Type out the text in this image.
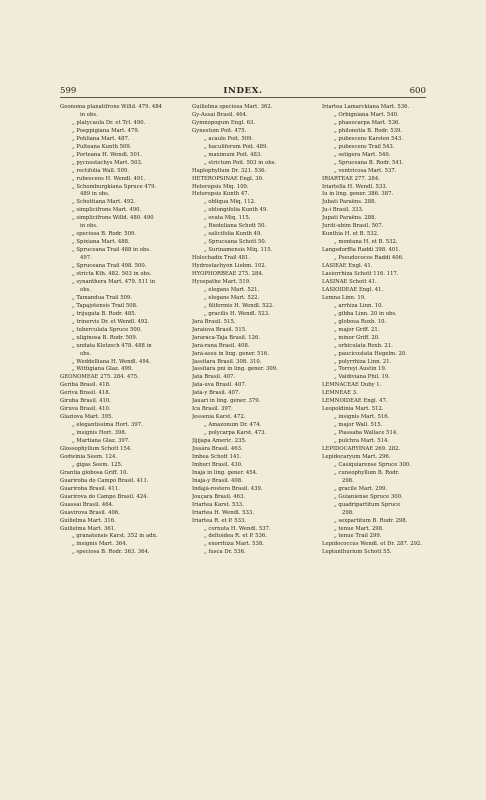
599	INDEX.	600
Geonoma planatifrons Willd. 479. 484
in obs.
„ platycaula Dr. et Trl. 490.
„ Poeppigiana Mart. 479.
„ Pohliana Mart. 487.
„ Pulteana Kunth 509.
„ Porteana H. Wendl. 501.
„ pycnostachys Mart. 503.
„ rectifolia Wall. 509.
„ rubescens H. Wendl. 491.
„ Schomburgkiana Spruce 479.
489 in obs.
„ Schottiana Mart. 492.
„ simplicifrons Mart. 490.
„ simplicifrons Willd. 480. 490
in obs.
„ speciosa B. Rodr. 509.
„ Spixiana Mart. 488.
„ Spruceana Trail 488 in obs.
497.
„ Spruceana Trail 498. 500.
„ stricta Kth. 482. 503 in obs.
„ synanthera Mart. 479. 511 in
obs.
„ Tamandua Trail 509.
„ Tapajotensis Trail 508.
„ trijugata B. Rodr. 485.
„ trinervis Dr. et Wendl. 492.
„ tuberculata Spruce 500.
„ uliginosa B. Rodr. 509.
„ undata Klotzsch 478. 488 in
obs.
„ Weddelliana H. Wendl. 494.
„ Wittigiana Glaz. 499.
GEONOMEAE 275. 284. 475.
Geribá Brasil. 418.
Gerivá Brasil. 418.
Giruba Brasil. 410.
Giruva Brasil. 410.
Glaziova Mart. 395.
„ elegantissima Hort. 397.
„ insignis Hort. 398.
„ Martiana Glaz. 397.
Glossophyllum Schott 154.
Godwinia Seem. 124.
„ gigas Seem. 125.
Grantia globosa Griff. 10.
Guariroba do Campo Brasil. 411.
Guariroba Brasil. 411.
Guarirova do Campo Brasil. 424.
Guassai Brasil. 464.
Guavirova Brasil. 406.
Guilielma Mart. 316.
Guilielma Mart. 361.
„ granatensis Karst. 352 in adn.
„ insignis Mart. 364.
„ speciosa B. Rodr. 363. 364.
Guilielma speciosa Mart. 362.
Gy-Assai Brasil. 464.
Gymnopogum Engl. 63.
Gynestum Poit. 475.
„ acaule Poit. 509.
„ baculiferum Poit. 489.
„ maximum Poit. 483.
„ strictum Poit. 503 in obs.
Haplophyllum Dr. 321. 536.
HETEROPSINAE Engl. 30.
Heteropsis Miq. 109.
Heteropsis Kunth 47.
„ obliqua Miq. 112.
„ oblongifolia Kunth 49.
„ ovata Miq. 115.
„ Riedeliana Schott 50.
„ salicifolia Kunth 49.
„ Spruceana Schott 50.
„ Surinamensis Miq. 115.
Holochadix Trail 481.
Hydrostachyon Liebm. 102.
HYOPHORBEAE 275. 284.
Hyospathe Mart. 519.
„ elegans Mart. 521.
„ elegans Mart. 522.
„ filiformis H. Wendl. 522.
„ gracilis H. Wendl. 523.
Jará Brasil. 515.
Jaraiúva Brasil. 515.
Jararaca-Taja Brasil. 126.
Jará-rana Brasil. 408.
Jará-assú in ling. gener. 516.
Jassitara Brasil. 308. 310.
Jassitara pní in ling. gener. 309.
Jatá Brasil. 407.
Jata-uva Brasil. 407.
Jatá-y Brasil. 407.
Jauari in ling. gener. 379.
Icá Brasil. 397.
Jessenia Karst. 472.
„ Amazonum Dr. 474.
„ polycarpa Karst. 473.
Jijijapa Americ. 235.
Jissára Brasil. 463.
Imbea Schott 141.
Imburi Brasil. 430.
Inajá in ling. gener. 454.
Inajá-y Brasil. 408.
Indajá-rostero Brasil. 439.
Jouçara Brasil. 463.
Iriartea Karst. 533.
Iriartea H. Wendl. 533.
Iriartea R. et P. 533.
„ cornuta H. Wendl. 537.
„ deltoidea R. et P. 536.
„ exorrhiza Mart. 538.
„ fusca Dr. 536.
Iriartea Lamarckiana Mart. 536.
„ Orbigniana Mart. 540.
„ phaeocarpa Mart. 536.
„ philonotia B. Rodr. 539.
„ pubescens Karsten 543.
„ pubescens Trail 543.
„ setigera Mart. 540.
„ Spruceana B. Rodr. 541.
„ ventricosa Mart. 537.
IRIARTEAE 277. 284.
Iriartella H. Wendl. 533.
Iu in ling. gener. 386. 387.
Jubati Paraëns. 288.
Ju-i Brasil. 333.
Jupati Paraëns. 288.
Juriti-ubim Brasil. 507.
Kunthia H. et B. 532.
„ montana H. et B. 532.
Langsdorffia Raddi 398. 401.
„ Pseudococos Raddi 406.
LASIEAE Engl. 41.
Lasiorrhiza Schott 116. 117.
LASINAE Schott 41.
LASIOIDEAE Engl. 41.
Lemna Linn. 19.
„ arrhiza Linn. 10.
„ gibba Linn. 20 in obs.
„ globosa Roxb. 10.
„ major Griff. 21.
„ minor Griff. 20.
„ orbiculata Roxb. 21.
„ paucicostata Hegelm. 20.
„ polyrrhiza Linn. 21.
„ Torreyi Austin 19.
„ Valdiviana Phil. 19.
LEMNACEAE Duby 1.
LEMNEAE 3.
LEMNOIDEAE Engl. 47.
Leopoldinia Mart. 512.
„ insignis Mart. 516.
„ major Wall. 515.
„ Piassaba Wallace 514.
„ pulchra Mart. 514.
LEPIDOCARYINAE 269. 282.
Lepidocaryum Mart. 296.
„ Casiquiarense Spruce 300.
„ cuneophyllum B. Rodr.
298.
„ gracile Mart. 299.
„ Guianiense Spruce 300.
„ quadripartitum Spruce
298.
„ sexpartitum B. Rodr. 298.
„ tenue Mart. 298.
„ tenue Trail 299.
Lepidococcus Wendl. et Dr. 287. 292.
Leptanthurium Schott 55.
